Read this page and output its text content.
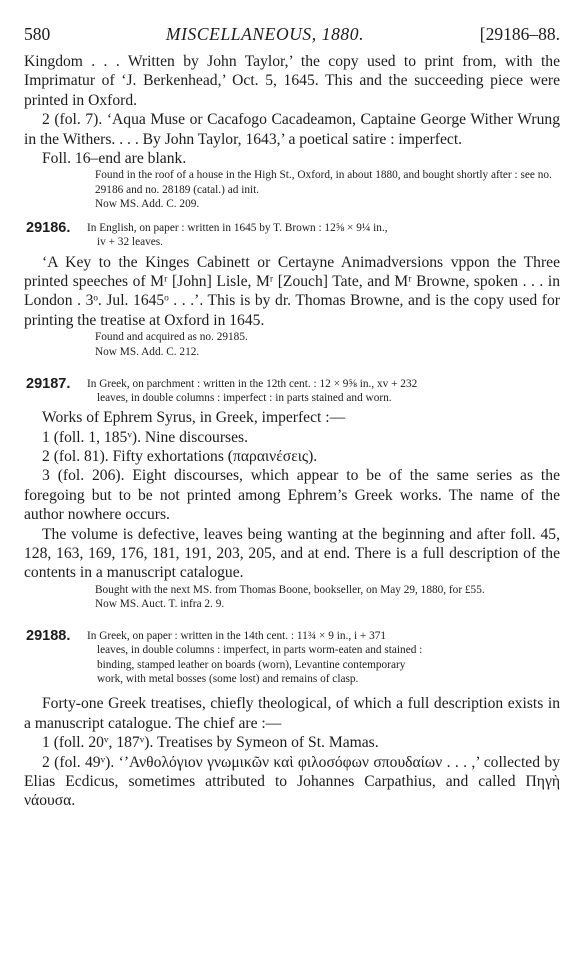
580	MISCELLANEOUS, 1880.	[29186–88.
Kingdom . . . Written by John Taylor,’ the copy used to print from, with the Imprimatur of ‘J. Berkenhead,’ Oct. 5, 1645. This and the succeeding piece were printed in Oxford.
2 (fol. 7). ‘Aqua Muse or Cacafogo Cacadeamon, Captaine George Wither Wrung in the Withers. . . . By John Taylor, 1643,’ a poetical satire : imperfect.
Foll. 16–end are blank.
Found in the roof of a house in the High St., Oxford, in about 1880, and bought shortly after : see no. 29186 and no. 28189 (catal.) ad init.
Now MS. Add. C. 209.
29186.	In English, on paper : written in 1645 by T. Brown : 12⅝ × 9¼ in.,
iv + 32 leaves.
‘A Key to the Kinges Cabinett or Certayne Animadversions vppon the Three printed speeches of Mʳ [John] Lisle, Mʳ [Zouch] Tate, and Mʳ Browne, spoken . . . in London . 3ᵒ. Jul. 1645ᵒ . . .’. This is by dr. Thomas Browne, and is the copy used for printing the treatise at Oxford in 1645.
Found and acquired as no. 29185.
Now MS. Add. C. 212.
29187.	In Greek, on parchment : written in the 12th cent. : 12 × 9⅝ in., xv + 232
leaves, in double columns : imperfect : in parts stained and worn.
Works of Ephrem Syrus, in Greek, imperfect :—
1 (foll. 1, 185ᵛ). Nine discourses.
2 (fol. 81). Fifty exhortations (παραινέσεις).
3 (fol. 206). Eight discourses, which appear to be of the same series as the foregoing but to be not printed among Ephrem’s Greek works. The name of the author nowhere occurs.
The volume is defective, leaves being wanting at the beginning and after foll. 45, 128, 163, 169, 176, 181, 191, 203, 205, and at end. There is a full description of the contents in a manuscript catalogue.
Bought with the next MS. from Thomas Boone, bookseller, on May 29, 1880, for £55.
Now MS. Auct. T. infra 2. 9.
29188.	In Greek, on paper : written in the 14th cent. : 11¾ × 9 in., i + 371
leaves, in double columns : imperfect, in parts worm-eaten and stained :
binding, stamped leather on boards (worn), Levantine contemporary
work, with metal bosses (some lost) and remains of clasp.
Forty-one Greek treatises, chiefly theological, of which a full description exists in a manuscript catalogue. The chief are :—
1 (foll. 20ᵛ, 187ᵛ). Treatises by Symeon of St. Mamas.
2 (fol. 49ᵛ). ‘’Ανθολόγιον γνωμικῶν καὶ φιλοσόφων σπουδαίων . . . ,’ collected by Elias Ecdicus, sometimes attributed to Johannes Carpathius, and called Πηγὴ νάουσα.
